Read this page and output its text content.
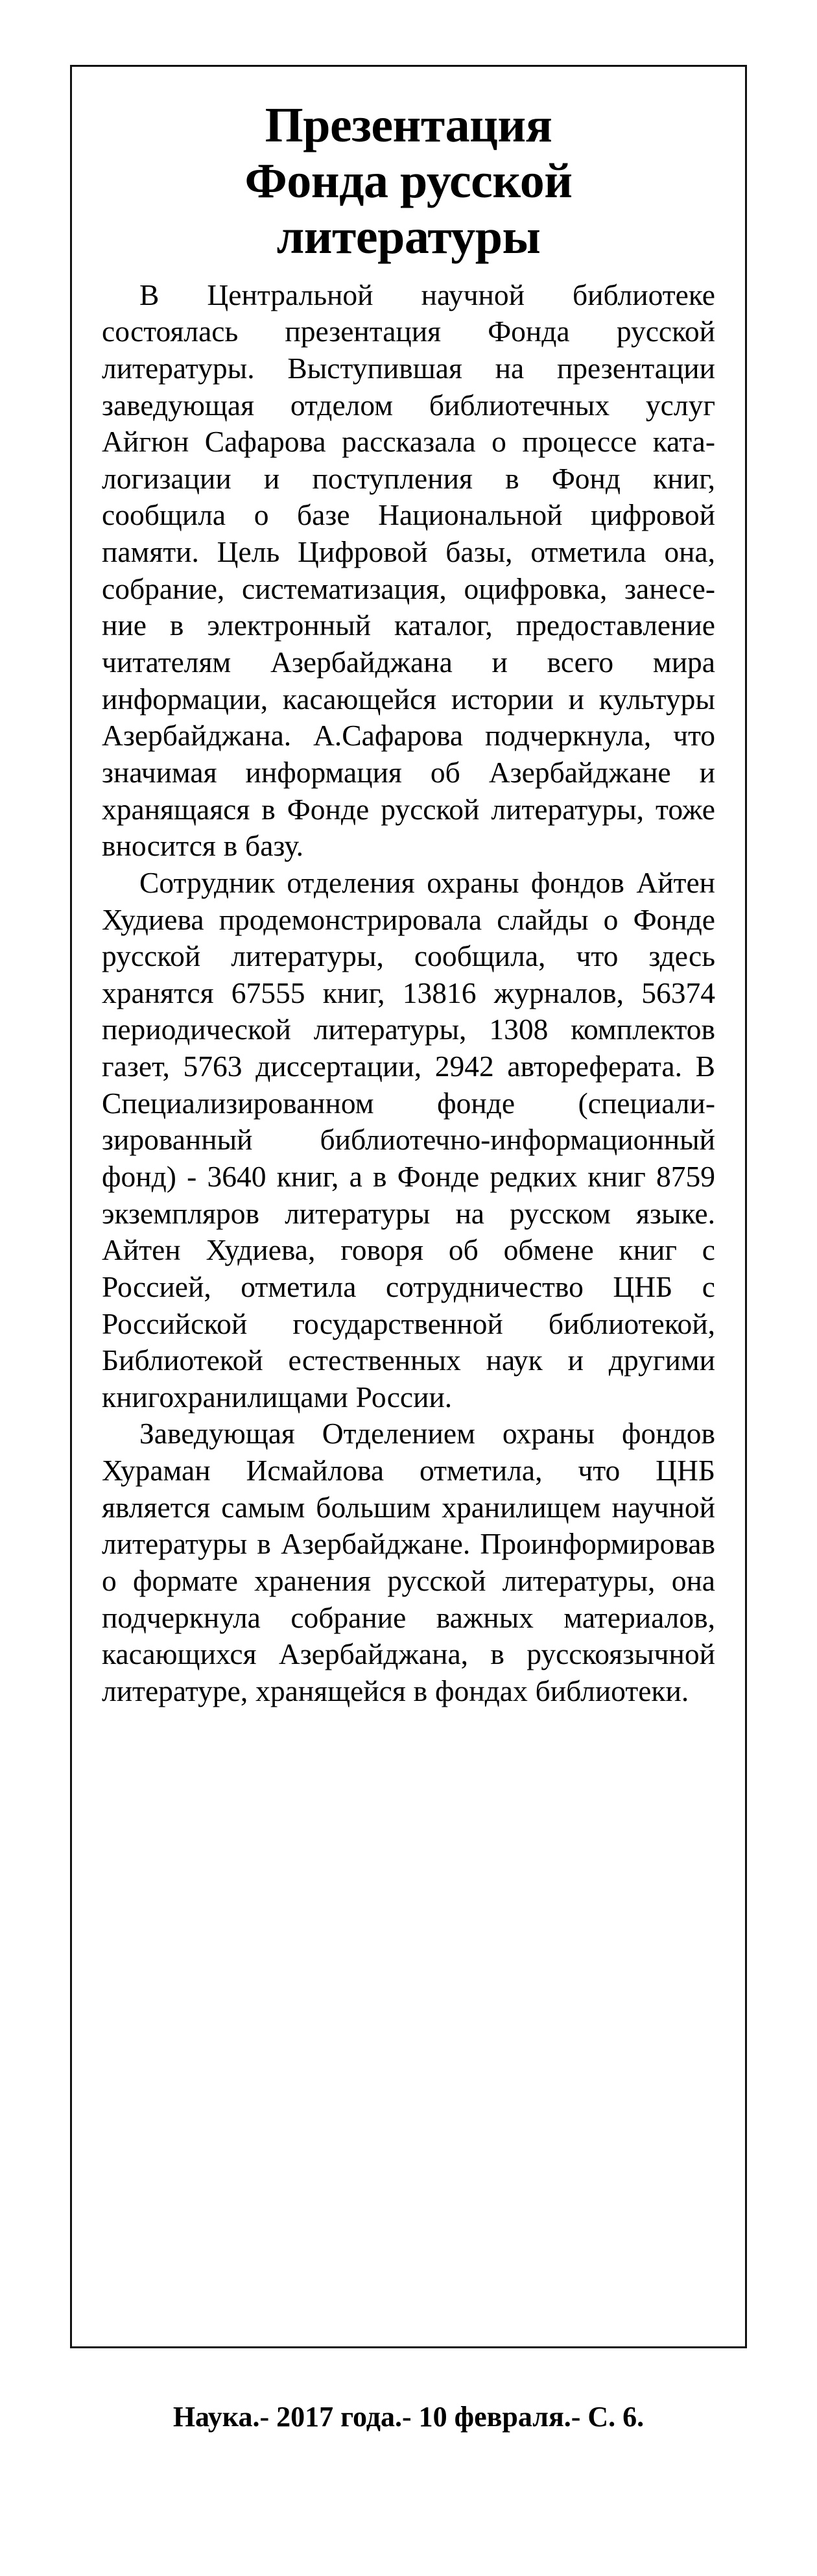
Презентация
Фонда русской
литературы

В Центральной научной библиотеке состоялась презентация Фонда русской литературы. Выступившая на презентации заведующая отделом библиотечных услуг Айгюн Сафарова рассказала о процессе каталогизации и поступления в Фонд книг, сообщила о базе Национальной цифровой памяти. Цель Цифровой базы, отметила она, собрание, систематизация, оцифровка, занесение в электронный каталог, предоставление читателям Азербайджана и всего мира информации, касающейся истории и культуры Азербайджана. А.Сафарова подчеркнула, что значимая информация об Азербайджане и хранящаяся в Фонде русской литературы, тоже вносится в базу.

Сотрудник отделения охраны фондов Айтен Худиева продемонстрировала слайды о Фонде русской литературы, сообщила, что здесь хранятся 67555 книг, 13816 журналов, 56374 периодической литературы, 1308 комплектов газет, 5763 диссертации, 2942 автореферата. В Специализированном фонде (специализированный библиотечно-информационный фонд) - 3640 книг, а в Фонде редких книг 8759 экземпляров литературы на русском языке. Айтен Худиева, говоря об обмене книг с Россией, отметила сотрудничество ЦНБ с Российской государственной библиотекой, Библиотекой естественных наук и другими книгохранилищами России.

Заведующая Отделением охраны фондов Хураман Исмайлова отметила, что ЦНБ является самым большим хранилищем научной литературы в Азербайджане. Проинформировав о формате хранения русской литературы, она подчеркнула собрание важных материалов, касающихся Азербайджана, в русскоязычной литературе, хранящейся в фондах библиотеки.

Наука.- 2017 года.- 10 февраля.- С. 6.
